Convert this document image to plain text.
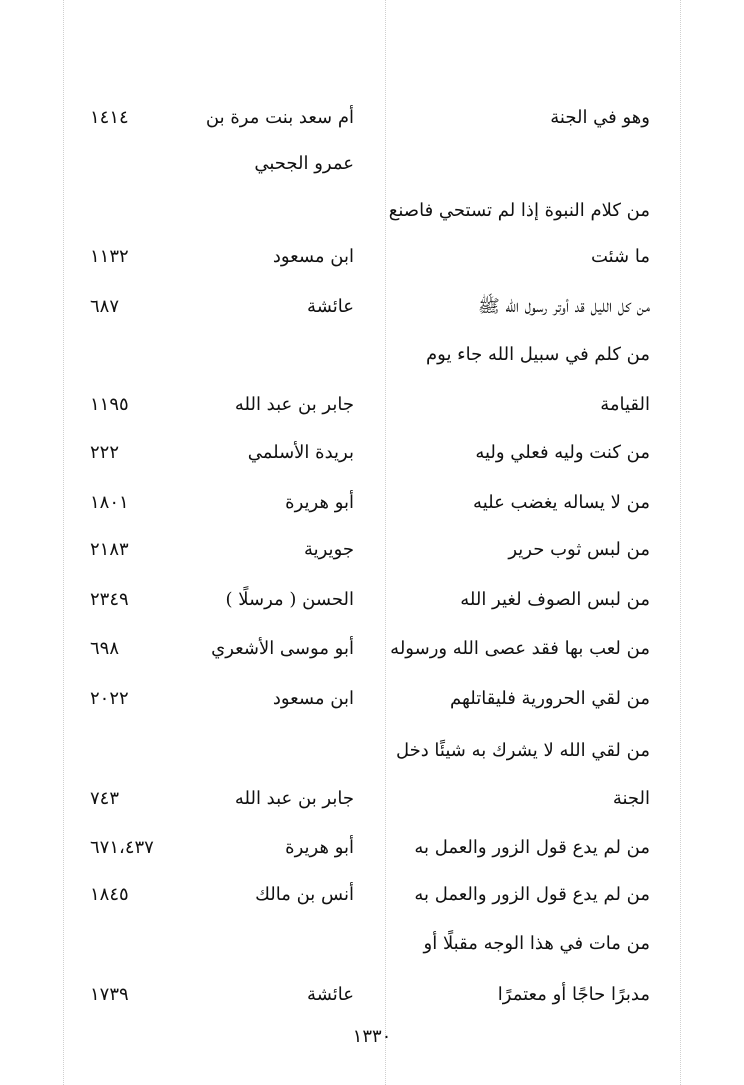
وهو في الجنة
أم سعد بنت مرة بن
١٤١٤
عمرو الجحبي
من كلام النبوة إذا لم تستحي فاصنع
ما شئت
ابن مسعود
١١٣٢
من كل الليل قد أوتر رسول الله ﷺ
عائشة
٦٨٧
من كلم في سبيل الله جاء يوم
القيامة
جابر بن عبد الله
١١٩٥
من كنت وليه فعلي وليه
بريدة الأسلمي
٢٢٢
من لا يساله يغضب عليه
أبو هريرة
١٨٠١
من لبس ثوب حرير
جويرية
٢١٨٣
من لبس الصوف لغير الله
الحسن ( مرسلًا )
٢٣٤٩
من لعب بها فقد عصى الله ورسوله
أبو موسى الأشعري
٦٩٨
من لقي الحرورية فليقاتلهم
ابن مسعود
٢٠٢٢
من لقي الله لا يشرك به شيئًا دخل
الجنة
جابر بن عبد الله
٧٤٣
من لم يدع قول الزور والعمل به
أبو هريرة
٦٧١،٤٣٧
من لم يدع قول الزور والعمل به
أنس بن مالك
١٨٤٥
من مات في هذا الوجه مقبلًا أو
مدبرًا حاجًا أو معتمرًا
عائشة
١٧٣٩
١٣٣٠
